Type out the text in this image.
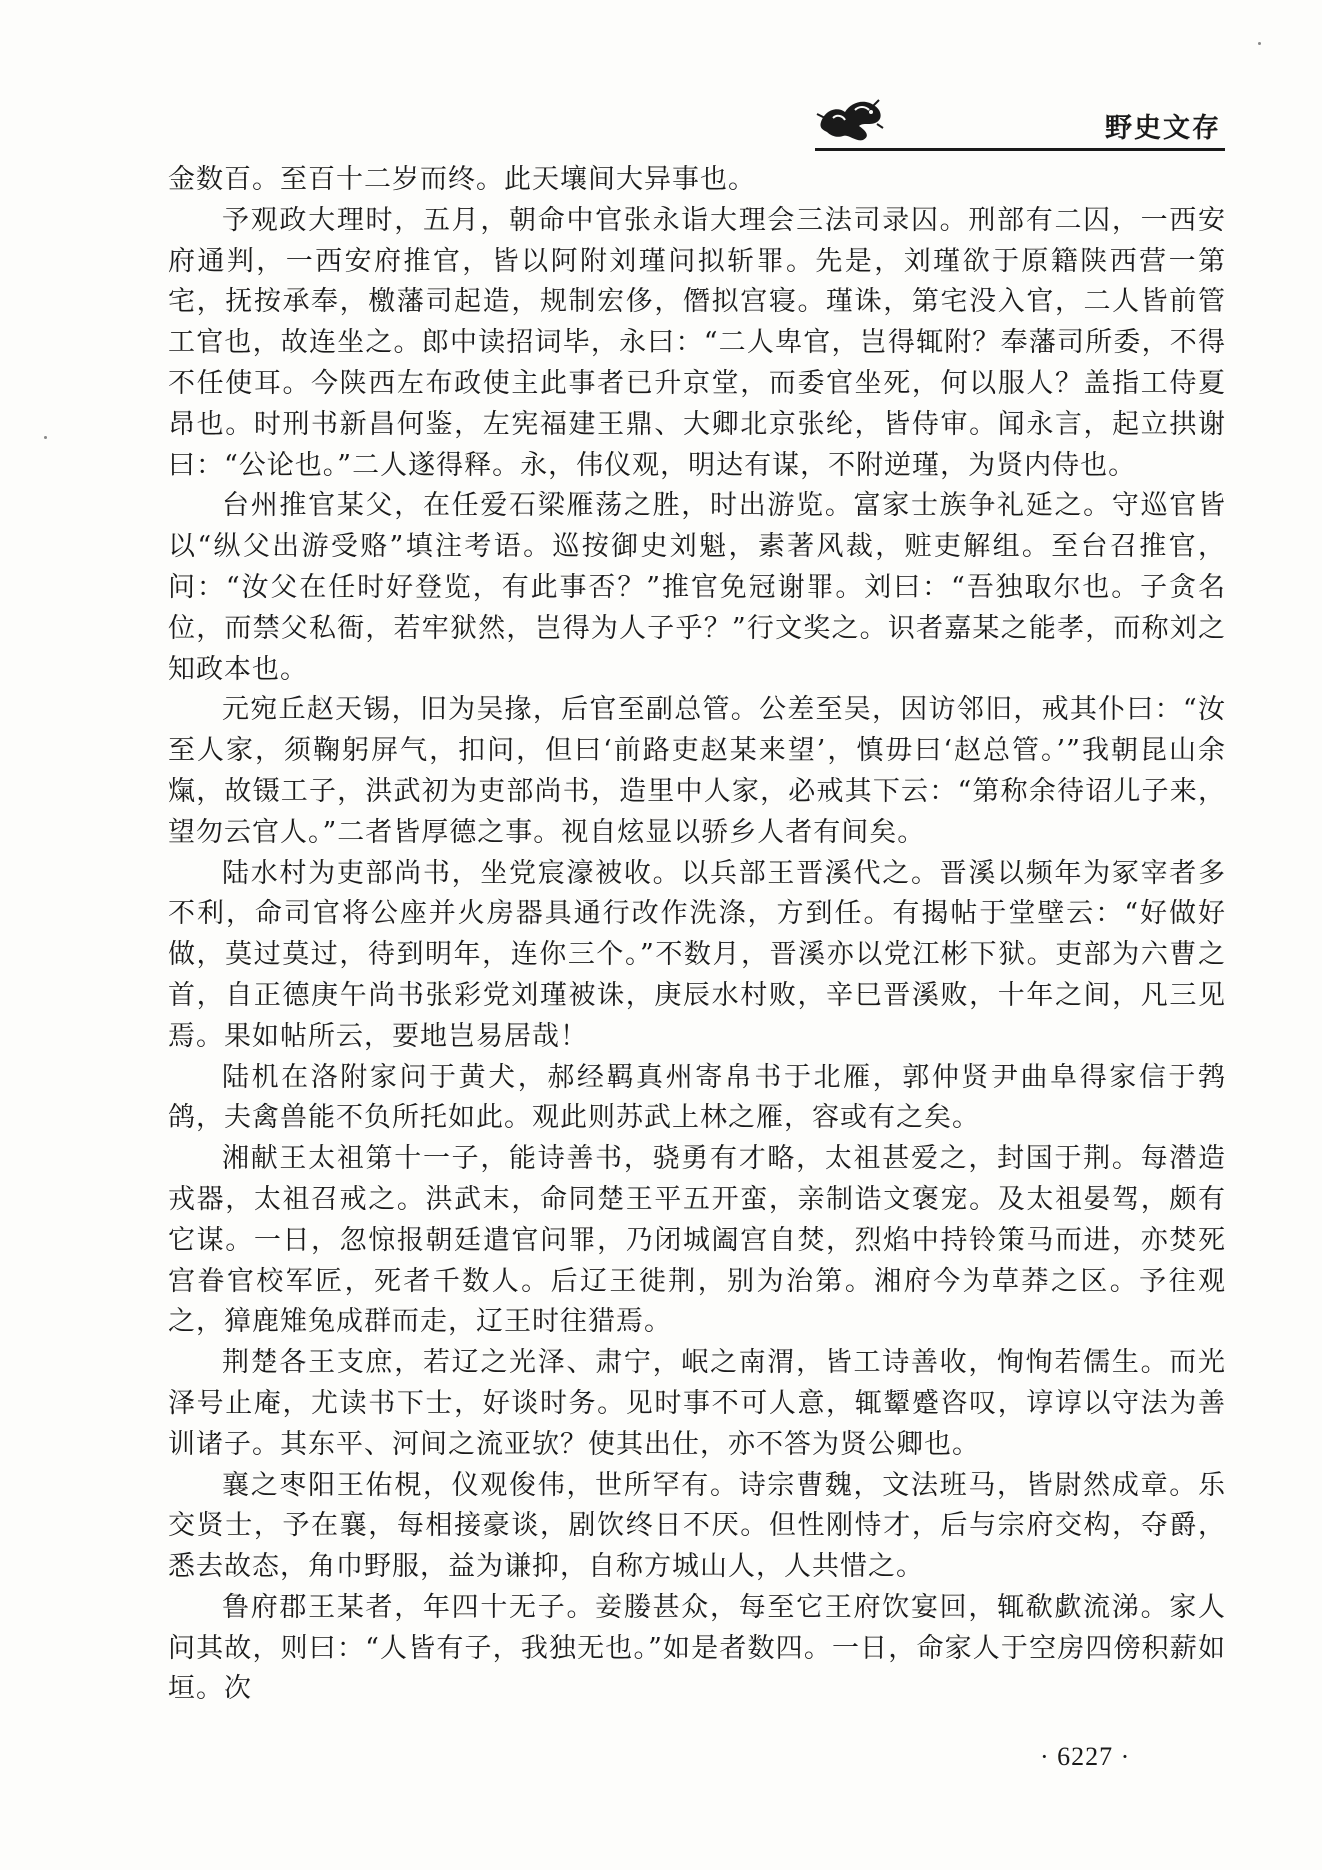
野史文存

金数百。至百十二岁而终。此天壤间大异事也。

予观政大理时，五月，朝命中官张永诣大理会三法司录囚。刑部有二囚，一西安府通判，一西安府推官，皆以阿附刘瑾问拟斩罪。先是，刘瑾欲于原籍陕西营一第宅，抚按承奉，檄藩司起造，规制宏侈，僭拟宫寝。瑾诛，第宅没入官，二人皆前管工官也，故连坐之。郎中读招词毕，永曰：“二人卑官，岂得辄附？奉藩司所委，不得不任使耳。今陕西左布政使主此事者已升京堂，而委官坐死，何以服人？盖指工侍夏昂也。时刑书新昌何鉴，左宪福建王鼎、大卿北京张纶，皆侍审。闻永言，起立拱谢曰：“公论也。”二人遂得释。永，伟仪观，明达有谋，不附逆瑾，为贤内侍也。

台州推官某父，在任爱石梁雁荡之胜，时出游览。富家士族争礼延之。守巡官皆以“纵父出游受赂”填注考语。巡按御史刘魁，素著风裁，赃吏解组。至台召推官，问：“汝父在任时好登览，有此事否？”推官免冠谢罪。刘曰：“吾独取尔也。子贪名位，而禁父私衙，若牢狱然，岂得为人子乎？”行文奖之。识者嘉某之能孝，而称刘之知政本也。

元宛丘赵天锡，旧为吴掾，后官至副总管。公差至吴，因访邻旧，戒其仆曰：“汝至人家，须鞠躬屏气，扣问，但曰‘前路吏赵某来望’，慎毋曰‘赵总管。’”我朝昆山余熂，故镊工子，洪武初为吏部尚书，造里中人家，必戒其下云：“第称余待诏儿子来，望勿云官人。”二者皆厚德之事。视自炫显以骄乡人者有间矣。

陆水村为吏部尚书，坐党宸濠被收。以兵部王晋溪代之。晋溪以频年为冢宰者多不利，命司官将公座并火房器具通行改作洗涤，方到任。有揭帖于堂壁云：“好做好做，莫过莫过，待到明年，连你三个。”不数月，晋溪亦以党江彬下狱。吏部为六曹之首，自正德庚午尚书张彩党刘瑾被诛，庚辰水村败，辛巳晋溪败，十年之间，凡三见焉。果如帖所云，要地岂易居哉！

陆机在洛附家问于黄犬，郝经羁真州寄帛书于北雁，郭仲贤尹曲阜得家信于鹁鸽，夫禽兽能不负所托如此。观此则苏武上林之雁，容或有之矣。

湘献王太祖第十一子，能诗善书，骁勇有才略，太祖甚爱之，封国于荆。每潜造戎器，太祖召戒之。洪武末，命同楚王平五开蛮，亲制诰文褒宠。及太祖晏驾，颇有它谋。一日，忽惊报朝廷遣官问罪，乃闭城阖宫自焚，烈焰中持铃策马而进，亦焚死宫眷官校军匠，死者千数人。后辽王徙荆，别为治第。湘府今为草莽之区。予往观之，獐鹿雉兔成群而走，辽王时往猎焉。

荆楚各王支庶，若辽之光泽、肃宁，岷之南渭，皆工诗善收，恂恂若儒生。而光泽号止庵，尤读书下士，好谈时务。见时事不可人意，辄颦蹙咨叹，谆谆以守法为善训诸子。其东平、河间之流亚欤？使其出仕，亦不答为贤公卿也。

襄之枣阳王佑梘，仪观俊伟，世所罕有。诗宗曹魏，文法班马，皆尉然成章。乐交贤士，予在襄，每相接豪谈，剧饮终日不厌。但性刚恃才，后与宗府交构，夺爵，悉去故态，角巾野服，益为谦抑，自称方城山人，人共惜之。

鲁府郡王某者，年四十无子。妾媵甚众，每至它王府饮宴回，辄欷歔流涕。家人问其故，则曰：“人皆有子，我独无也。”如是者数四。一日，命家人于空房四傍积薪如垣。次

· 6227 ·
